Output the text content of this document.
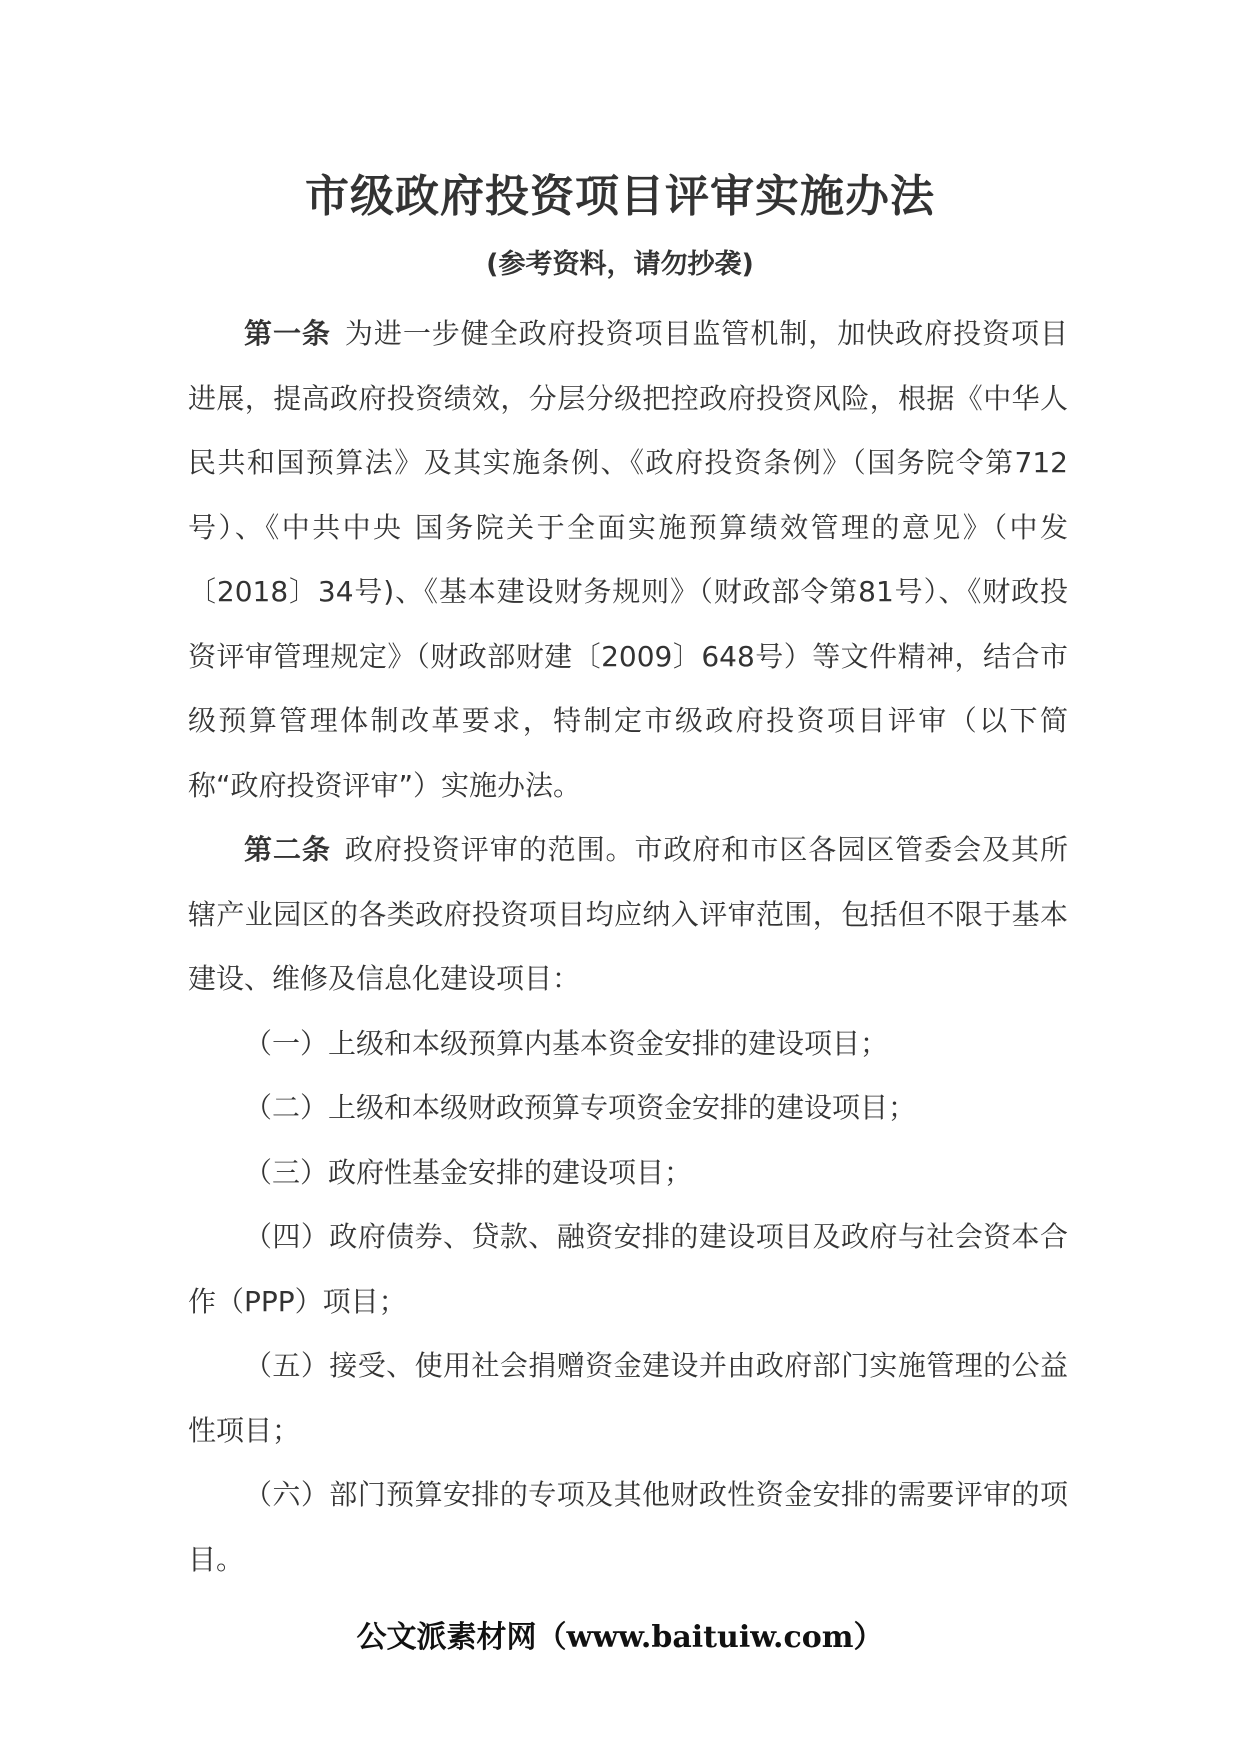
市级政府投资项目评审实施办法
(参考资料，请勿抄袭)

第一条 为进一步健全政府投资项目监管机制，加快政府投资项目进展，提高政府投资绩效，分层分级把控政府投资风险，根据《中华人民共和国预算法》及其实施条例、《政府投资条例》（国务院令第712号）、《中共中央 国务院关于全面实施预算绩效管理的意见》（中发〔2018〕34号)、《基本建设财务规则》（财政部令第81号）、《财政投资评审管理规定》（财政部财建〔2009〕648号）等文件精神，结合市级预算管理体制改革要求，特制定市级政府投资项目评审（以下简称“政府投资评审”）实施办法。

第二条 政府投资评审的范围。市政府和市区各园区管委会及其所辖产业园区的各类政府投资项目均应纳入评审范围，包括但不限于基本建设、维修及信息化建设项目：

（一）上级和本级预算内基本资金安排的建设项目；

（二）上级和本级财政预算专项资金安排的建设项目；

（三）政府性基金安排的建设项目；

（四）政府债券、贷款、融资安排的建设项目及政府与社会资本合作（PPP）项目；

（五）接受、使用社会捐赠资金建设并由政府部门实施管理的公益性项目；

（六）部门预算安排的专项及其他财政性资金安排的需要评审的项目。

公文派素材网（www.baituiw.com）
